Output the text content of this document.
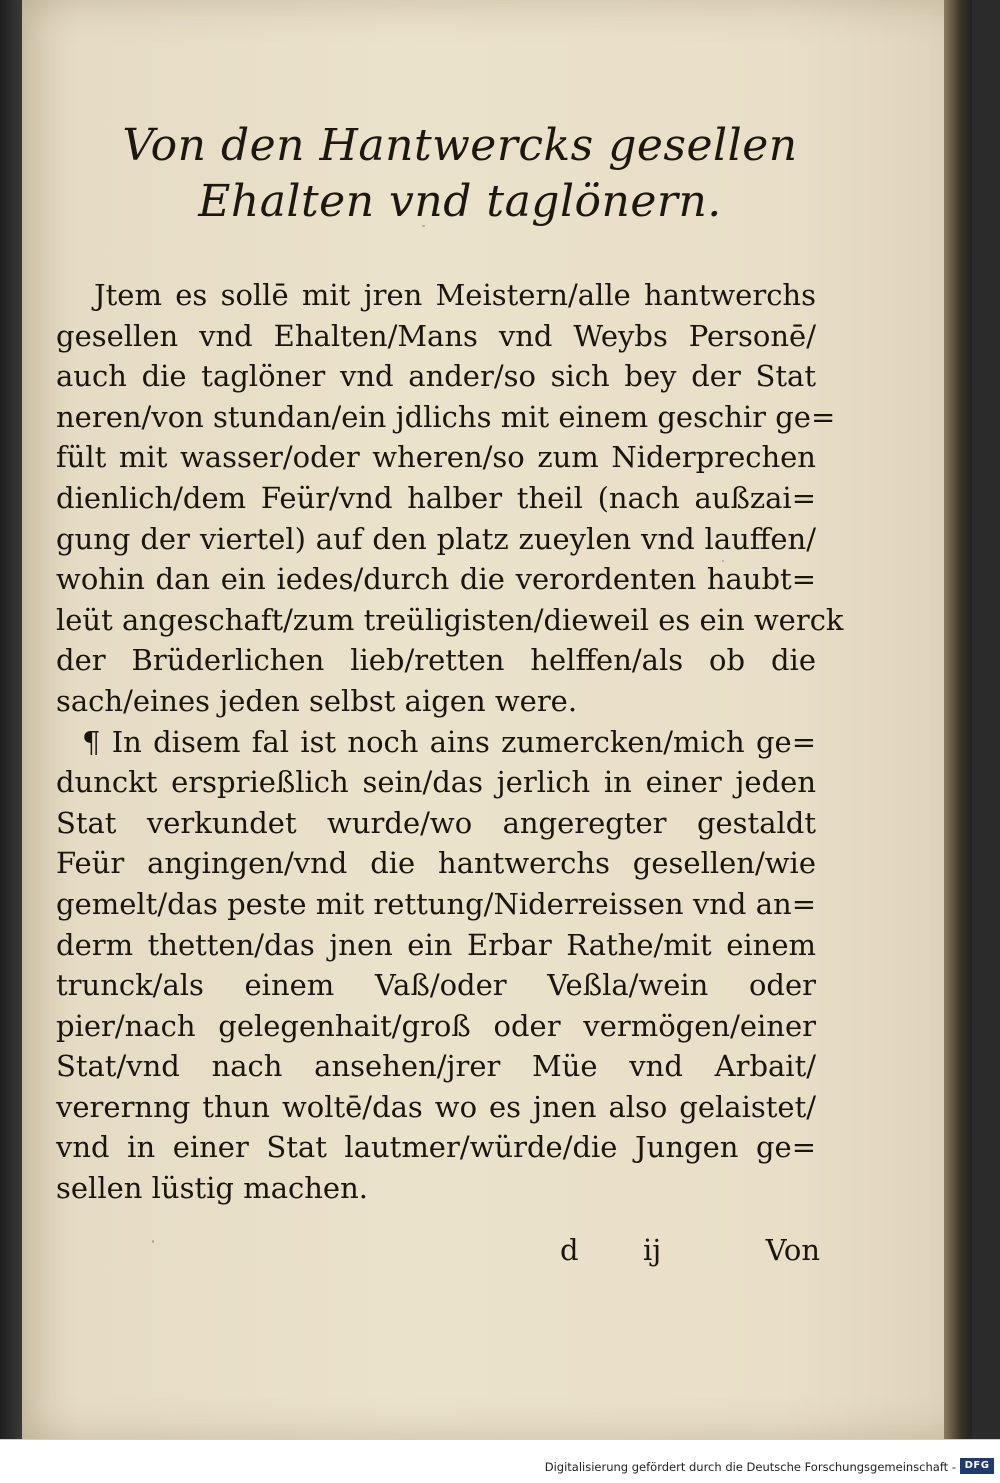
Von den Hantwercks gesellen
Ehalten vnd taglönern.
Jtem es sollē mit jren Meistern/alle hantwerchs
gesellen vnd Ehalten/Mans vnd Weybs Personē/
auch die taglöner vnd ander/so sich bey der Stat
neren/von stundan/ein jdlichs mit einem geschir ge=
fült mit wasser/oder wheren/so zum Niderprechen
dienlich/dem Feür/vnd halber theil (nach außzai=
gung der viertel) auf den platz zueylen vnd lauffen/
wohin dan ein iedes/durch die verordenten haubt=
leüt angeschaft/zum treüligisten/dieweil es ein werck
der Brüderlichen lieb/retten helffen/als ob die
sach/eines jeden selbst aigen were.
¶ In disem fal ist noch ains zumercken/mich ge=
dunckt ersprießlich sein/das jerlich in einer jeden
Stat verkundet wurde/wo angeregter gestaldt
Feür angingen/vnd die hantwerchs gesellen/wie
gemelt/das peste mit rettung/Niderreissen vnd an=
derm thetten/das jnen ein Erbar Rathe/mit einem
trunck/als einem Vaß/oder Veßla/wein oder
pier/nach gelegenhait/groß oder vermögen/einer
Stat/vnd nach ansehen/jrer Müe vnd Arbait/
verernng thun woltē/das wo es jnen also gelaistet/
vnd in einer Stat lautmer/würde/die Jungen ge=
sellen lüstig machen.
d ij	Von
Digitalisierung gefördert durch die Deutsche Forschungsgemeinschaft - DFG
